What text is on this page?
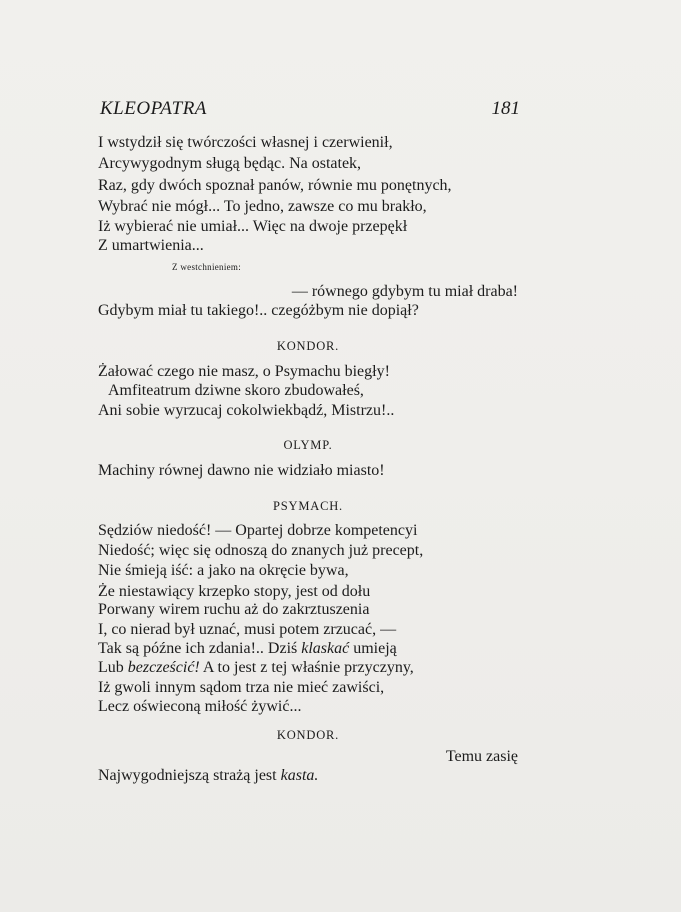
KLEOPATRA	181
I wstydził się twórczości własnej i czerwienił,
Arcywygodnym sługą będąc. Na ostatek,
Raz, gdy dwóch spoznał panów, równie mu ponętnych,
Wybrać nie mógł... To jedno, zawsze co mu brakło,
Iż wybierać nie umiał... Więc na dwoje przepękł
Z umartwienia...
Z westchnieniem:
— równego gdybym tu miał draba!
Gdybym miał tu takiego!.. czegóżbym nie dopiął?
KONDOR.
Żałować czego nie masz, o Psymachu biegły!
Amfiteatrum dziwne skoro zbudowałeś,
Ani sobie wyrzucaj cokolwiekbądź, Mistrzu!..
OLYMP.
Machiny równej dawno nie widziało miasto!
PSYMACH.
Sędziów niedość! — Opartej dobrze kompetencyi
Niedość; więc się odnoszą do znanych już precept,
Nie śmieją iść: a jako na okręcie bywa,
Że niestawiący krzepko stopy, jest od dołu
Porwany wirem ruchu aż do zakrztuszenia
I, co nierad był uznać, musi potem zrzucać, —
Tak są późne ich zdania!.. Dziś klaskać umieją
Lub bezcześcić! A to jest z tej właśnie przyczyny,
Iż gwoli innym sądom trza nie mieć zawiści,
Lecz oświeconą miłość żywić...
KONDOR.
Temu zasię
Najwygodniejszą strażą jest kasta.
